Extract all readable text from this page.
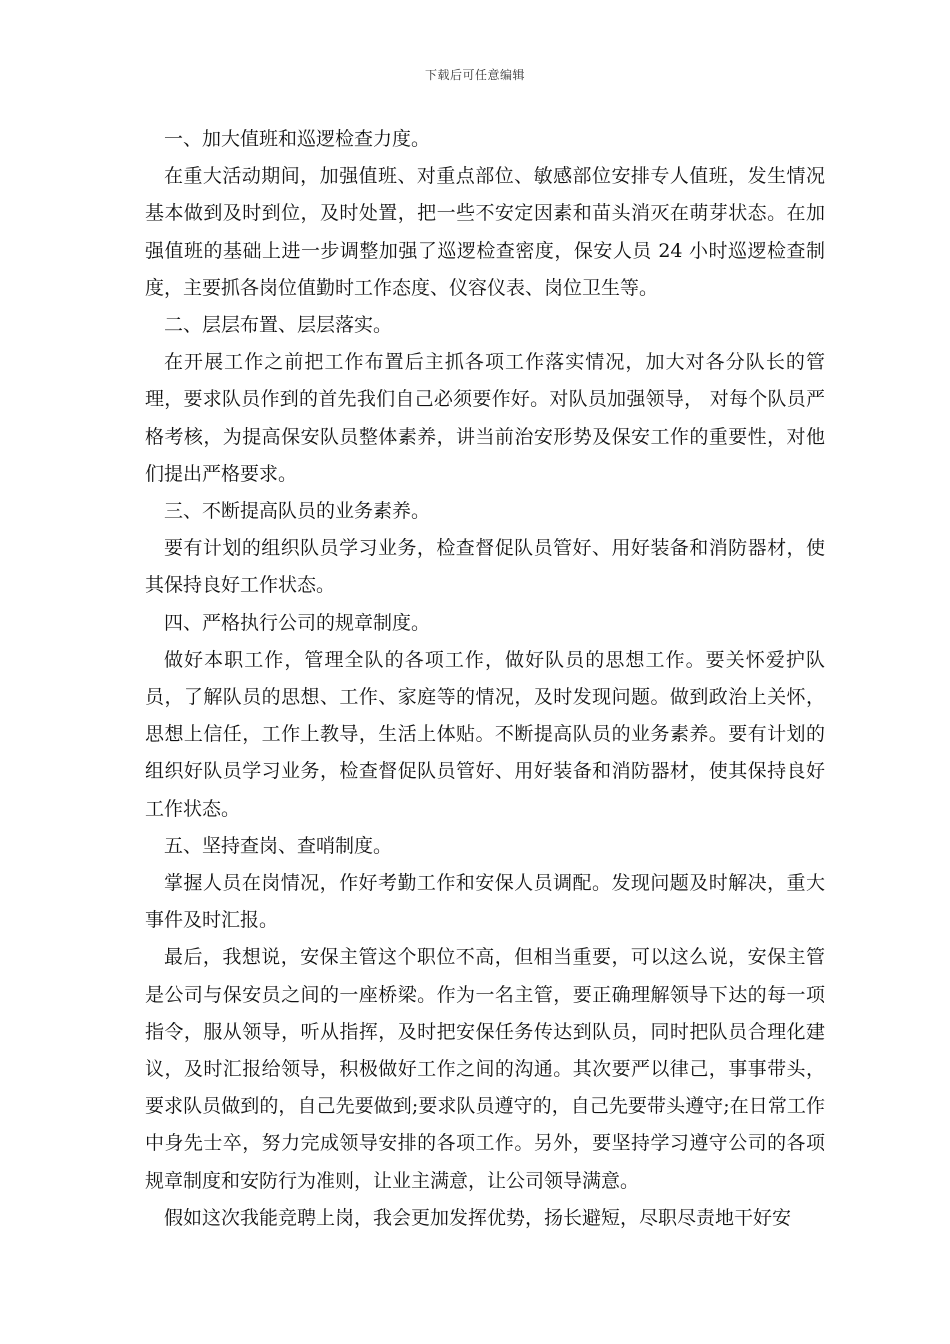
下载后可任意编辑

一、加大值班和巡逻检查力度。

在重大活动期间，加强值班、对重点部位、敏感部位安排专人值班，发生情况基本做到及时到位，及时处置，把一些不安定因素和苗头消灭在萌芽状态。在加强值班的基础上进一步调整加强了巡逻检查密度，保安人员 24 小时巡逻检查制度，主要抓各岗位值勤时工作态度、仪容仪表、岗位卫生等。

二、层层布置、层层落实。

在开展工作之前把工作布置后主抓各项工作落实情况，加大对各分队长的管理，要求队员作到的首先我们自己必须要作好。对队员加强领导， 对每个队员严格考核，为提高保安队员整体素养，讲当前治安形势及保安工作的重要性，对他们提出严格要求。

三、不断提高队员的业务素养。

要有计划的组织队员学习业务，检查督促队员管好、用好装备和消防器材，使其保持良好工作状态。

四、严格执行公司的规章制度。

做好本职工作，管理全队的各项工作，做好队员的思想工作。要关怀爱护队员，了解队员的思想、工作、家庭等的情况，及时发现问题。做到政治上关怀，思想上信任，工作上教导，生活上体贴。不断提高队员的业务素养。要有计划的组织好队员学习业务，检查督促队员管好、用好装备和消防器材，使其保持良好工作状态。

五、坚持查岗、查哨制度。

掌握人员在岗情况，作好考勤工作和安保人员调配。发现问题及时解决，重大事件及时汇报。

最后，我想说，安保主管这个职位不高，但相当重要，可以这么说，安保主管是公司与保安员之间的一座桥梁。作为一名主管，要正确理解领导下达的每一项指令，服从领导，听从指挥，及时把安保任务传达到队员，同时把队员合理化建议，及时汇报给领导，积极做好工作之间的沟通。其次要严以律己，事事带头，要求队员做到的，自己先要做到;要求队员遵守的，自己先要带头遵守;在日常工作中身先士卒，努力完成领导安排的各项工作。另外，要坚持学习遵守公司的各项规章制度和安防行为准则，让业主满意，让公司领导满意。

假如这次我能竞聘上岗，我会更加发挥优势，扬长避短，尽职尽责地干好安
